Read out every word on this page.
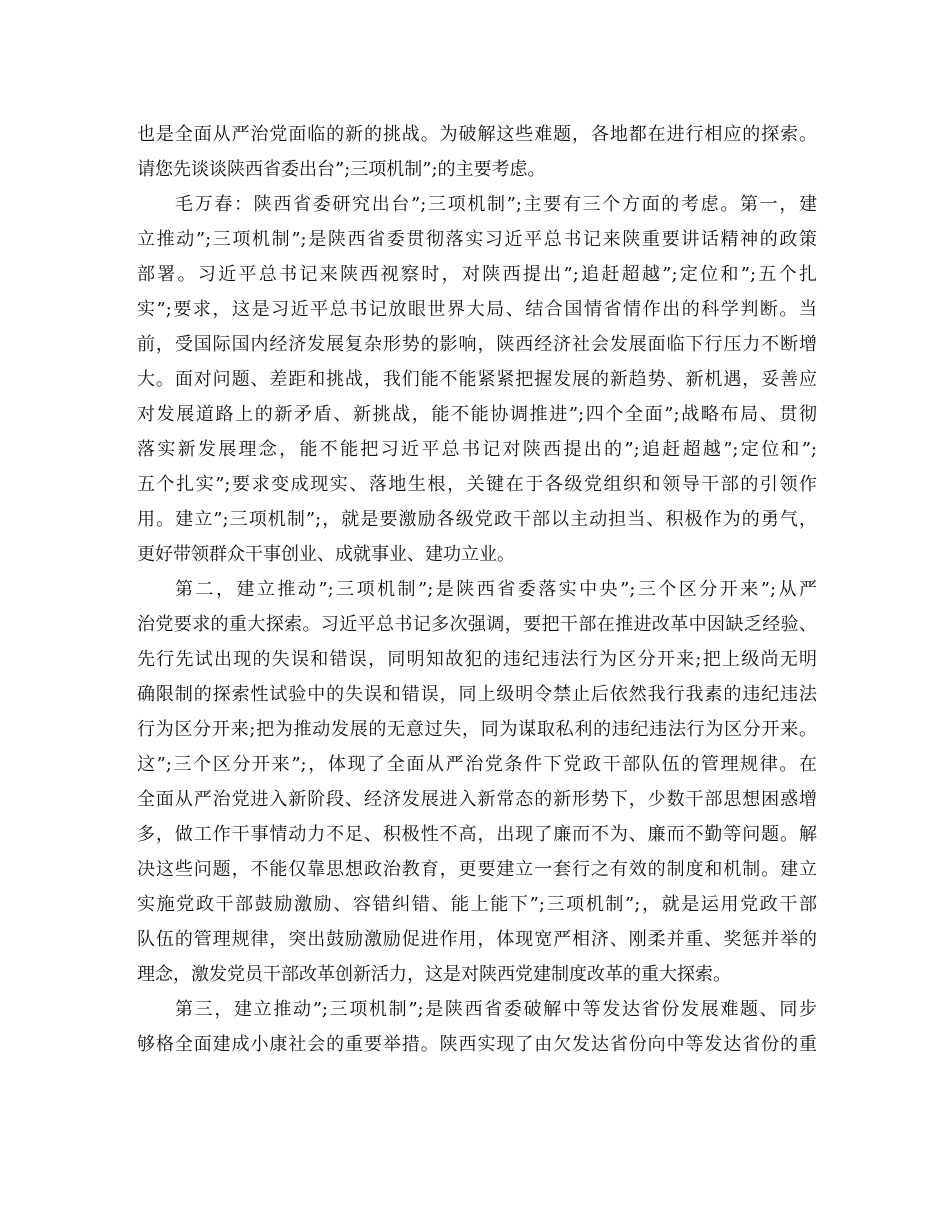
也是全面从严治党面临的新的挑战。为破解这些难题，各地都在进行相应的探索。
请您先谈谈陕西省委出台”;三项机制”;的主要考虑。
毛万春：陕西省委研究出台”;三项机制”;主要有三个方面的考虑。第一，建
立推动”;三项机制”;是陕西省委贯彻落实习近平总书记来陕重要讲话精神的政策
部署。习近平总书记来陕西视察时，对陕西提出”;追赶超越”;定位和”;五个扎
实”;要求，这是习近平总书记放眼世界大局、结合国情省情作出的科学判断。当
前，受国际国内经济发展复杂形势的影响，陕西经济社会发展面临下行压力不断增
大。面对问题、差距和挑战，我们能不能紧紧把握发展的新趋势、新机遇，妥善应
对发展道路上的新矛盾、新挑战，能不能协调推进”;四个全面”;战略布局、贯彻
落实新发展理念，能不能把习近平总书记对陕西提出的”;追赶超越”;定位和”;
五个扎实”;要求变成现实、落地生根，关键在于各级党组织和领导干部的引领作
用。建立”;三项机制”;，就是要激励各级党政干部以主动担当、积极作为的勇气，
更好带领群众干事创业、成就事业、建功立业。
第二，建立推动”;三项机制”;是陕西省委落实中央”;三个区分开来”;从严
治党要求的重大探索。习近平总书记多次强调，要把干部在推进改革中因缺乏经验、
先行先试出现的失误和错误，同明知故犯的违纪违法行为区分开来;把上级尚无明
确限制的探索性试验中的失误和错误，同上级明令禁止后依然我行我素的违纪违法
行为区分开来;把为推动发展的无意过失，同为谋取私利的违纪违法行为区分开来。
这”;三个区分开来”;，体现了全面从严治党条件下党政干部队伍的管理规律。在
全面从严治党进入新阶段、经济发展进入新常态的新形势下，少数干部思想困惑增
多，做工作干事情动力不足、积极性不高，出现了廉而不为、廉而不勤等问题。解
决这些问题，不能仅靠思想政治教育，更要建立一套行之有效的制度和机制。建立
实施党政干部鼓励激励、容错纠错、能上能下”;三项机制”;，就是运用党政干部
队伍的管理规律，突出鼓励激励促进作用，体现宽严相济、刚柔并重、奖惩并举的
理念，激发党员干部改革创新活力，这是对陕西党建制度改革的重大探索。
第三，建立推动”;三项机制”;是陕西省委破解中等发达省份发展难题、同步
够格全面建成小康社会的重要举措。陕西实现了由欠发达省份向中等发达省份的重
